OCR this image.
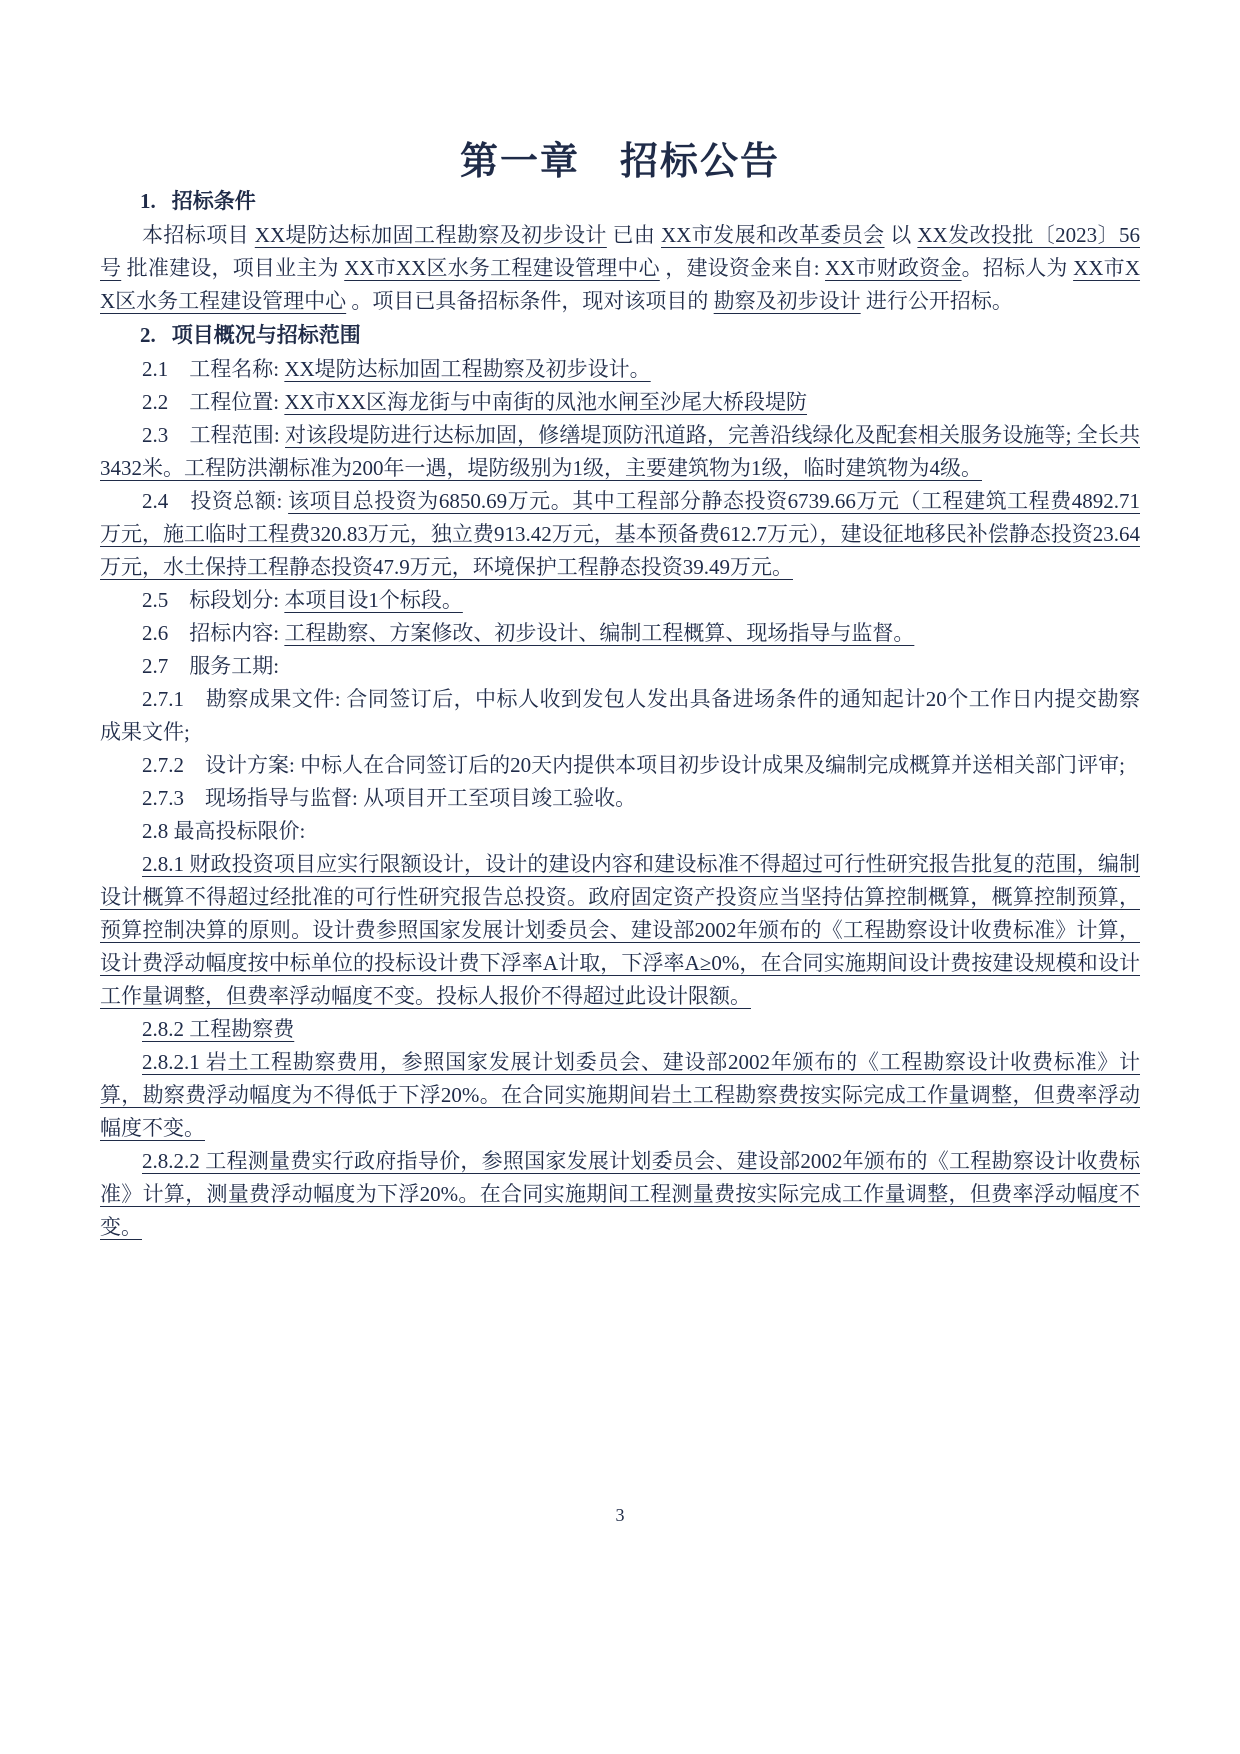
第一章　招标公告

1. 招标条件

本招标项目 XX堤防达标加固工程勘察及初步设计 已由 XX市发展和改革委员会 以 XX发改投批〔2023〕56号 批准建设，项目业主为 XX市XX区水务工程建设管理中心 ，建设资金来自: XX市财政资金。招标人为 XX市XX区水务工程建设管理中心 。项目已具备招标条件，现对该项目的 勘察及初步设计 进行公开招标。

2. 项目概况与招标范围

2.1　工程名称: XX堤防达标加固工程勘察及初步设计。

2.2　工程位置: XX市XX区海龙街与中南街的凤池水闸至沙尾大桥段堤防

2.3　工程范围: 对该段堤防进行达标加固，修缮堤顶防汛道路，完善沿线绿化及配套相关服务设施等; 全长共3432米。工程防洪潮标准为200年一遇，堤防级别为1级，主要建筑物为1级，临时建筑物为4级。

2.4　投资总额: 该项目总投资为6850.69万元。其中工程部分静态投资6739.66万元（工程建筑工程费4892.71万元，施工临时工程费320.83万元，独立费913.42万元，基本预备费612.7万元），建设征地移民补偿静态投资23.64万元，水土保持工程静态投资47.9万元，环境保护工程静态投资39.49万元。

2.5　标段划分: 本项目设1个标段。

2.6　招标内容: 工程勘察、方案修改、初步设计、编制工程概算、现场指导与监督。

2.7　服务工期:

2.7.1　勘察成果文件: 合同签订后，中标人收到发包人发出具备进场条件的通知起计20个工作日内提交勘察成果文件;

2.7.2　设计方案: 中标人在合同签订后的20天内提供本项目初步设计成果及编制完成概算并送相关部门评审;

2.7.3　现场指导与监督: 从项目开工至项目竣工验收。

2.8 最高投标限价:

2.8.1 财政投资项目应实行限额设计，设计的建设内容和建设标准不得超过可行性研究报告批复的范围，编制设计概算不得超过经批准的可行性研究报告总投资。政府固定资产投资应当坚持估算控制概算，概算控制预算，预算控制决算的原则。设计费参照国家发展计划委员会、建设部2002年颁布的《工程勘察设计收费标准》计算，设计费浮动幅度按中标单位的投标设计费下浮率A计取，下浮率A≥0%，在合同实施期间设计费按建设规模和设计工作量调整，但费率浮动幅度不变。投标人报价不得超过此设计限额。

2.8.2 工程勘察费

2.8.2.1 岩土工程勘察费用，参照国家发展计划委员会、建设部2002年颁布的《工程勘察设计收费标准》计算，勘察费浮动幅度为不得低于下浮20%。在合同实施期间岩土工程勘察费按实际完成工作量调整，但费率浮动幅度不变。

2.8.2.2 工程测量费实行政府指导价，参照国家发展计划委员会、建设部2002年颁布的《工程勘察设计收费标准》计算，测量费浮动幅度为下浮20%。在合同实施期间工程测量费按实际完成工作量调整，但费率浮动幅度不变。

3
